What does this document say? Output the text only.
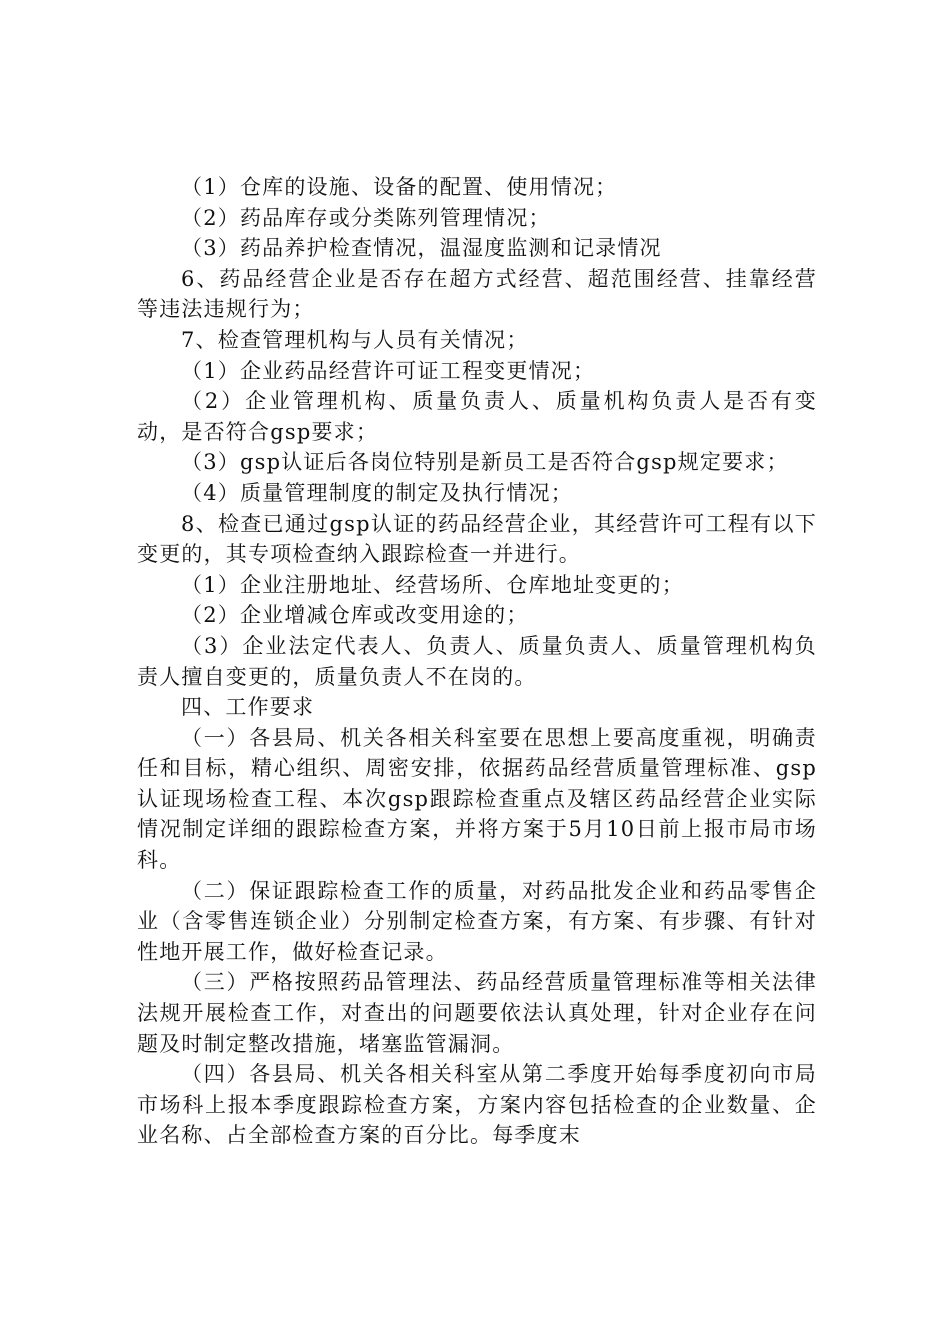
（1）仓库的设施、设备的配置、使用情况；

（2）药品库存或分类陈列管理情况；

（3）药品养护检查情况，温湿度监测和记录情况

6、药品经营企业是否存在超方式经营、超范围经营、挂靠经营等违法违规行为；

7、检查管理机构与人员有关情况；

（1）企业药品经营许可证工程变更情况；

（2）企业管理机构、质量负责人、质量机构负责人是否有变动，是否符合gsp要求；

（3）gsp认证后各岗位特别是新员工是否符合gsp规定要求；

（4）质量管理制度的制定及执行情况；

8、检查已通过gsp认证的药品经营企业，其经营许可工程有以下变更的，其专项检查纳入跟踪检查一并进行。

（1）企业注册地址、经营场所、仓库地址变更的；

（2）企业增减仓库或改变用途的；

（3）企业法定代表人、负责人、质量负责人、质量管理机构负责人擅自变更的，质量负责人不在岗的。

四、工作要求

（一）各县局、机关各相关科室要在思想上要高度重视，明确责任和目标，精心组织、周密安排，依据药品经营质量管理标准、gsp认证现场检查工程、本次gsp跟踪检查重点及辖区药品经营企业实际情况制定详细的跟踪检查方案，并将方案于5月10日前上报市局市场科。

（二）保证跟踪检查工作的质量，对药品批发企业和药品零售企业（含零售连锁企业）分别制定检查方案，有方案、有步骤、有针对性地开展工作，做好检查记录。

（三）严格按照药品管理法、药品经营质量管理标准等相关法律法规开展检查工作，对查出的问题要依法认真处理，针对企业存在问题及时制定整改措施，堵塞监管漏洞。

（四）各县局、机关各相关科室从第二季度开始每季度初向市局市场科上报本季度跟踪检查方案，方案内容包括检查的企业数量、企业名称、占全部检查方案的百分比。每季度末
